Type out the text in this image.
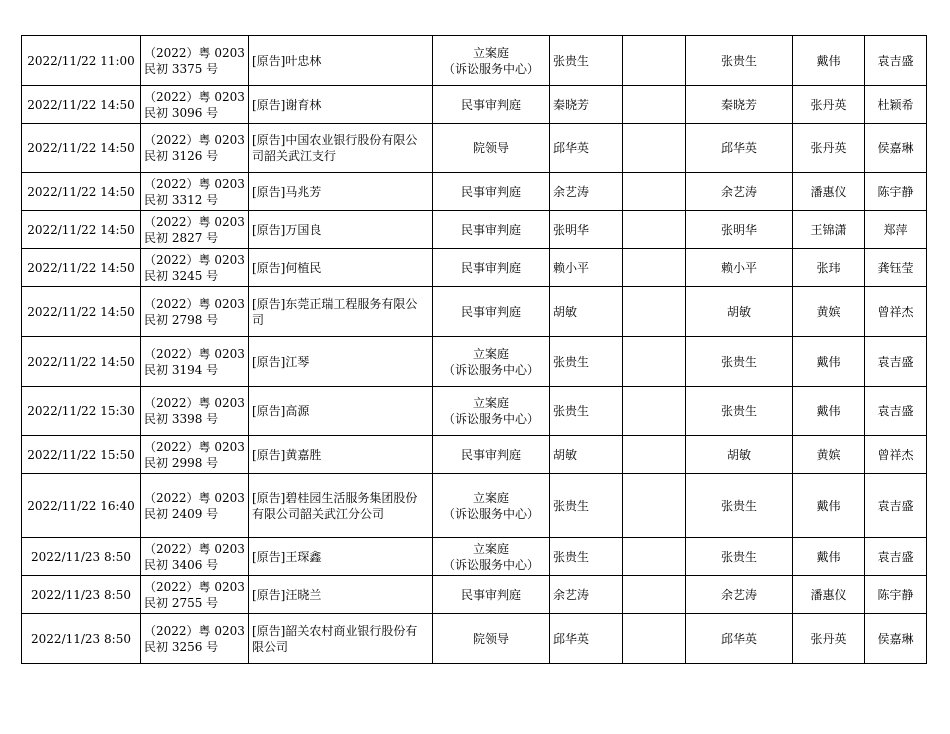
2022/11/22 11:00	（2022）粤 0203
民初 3375 号	[原告]叶忠林	立案庭
（诉讼服务中心）	张贵生		张贵生	戴伟	袁吉盛

2022/11/22 14:50	（2022）粤 0203
民初 3096 号	[原告]谢育林	民事审判庭	秦晓芳		秦晓芳	张丹英	杜颖希

2022/11/22 14:50	（2022）粤 0203
民初 3126 号	[原告]中国农业银行股份有限公司韶关武江支行	院领导	邱华英		邱华英	张丹英	侯嘉琳

2022/11/22 14:50	（2022）粤 0203
民初 3312 号	[原告]马兆芳	民事审判庭	余艺涛		余艺涛	潘惠仪	陈宇静

2022/11/22 14:50	（2022）粤 0203
民初 2827 号	[原告]万国良	民事审判庭	张明华		张明华	王锦潇	郑萍

2022/11/22 14:50	（2022）粤 0203
民初 3245 号	[原告]何植民	民事审判庭	赖小平		赖小平	张玮	龚钰莹

2022/11/22 14:50	（2022）粤 0203
民初 2798 号	[原告]东莞正瑞工程服务有限公司	民事审判庭	胡敏		胡敏	黄嫔	曾祥杰

2022/11/22 14:50	（2022）粤 0203
民初 3194 号	[原告]江琴	立案庭
（诉讼服务中心）	张贵生		张贵生	戴伟	袁吉盛

2022/11/22 15:30	（2022）粤 0203
民初 3398 号	[原告]高源	立案庭
（诉讼服务中心）	张贵生		张贵生	戴伟	袁吉盛

2022/11/22 15:50	（2022）粤 0203
民初 2998 号	[原告]黄嘉胜	民事审判庭	胡敏		胡敏	黄嫔	曾祥杰

2022/11/22 16:40	（2022）粤 0203
民初 2409 号	[原告]碧桂园生活服务集团股份有限公司韶关武江分公司	立案庭
（诉讼服务中心）	张贵生		张贵生	戴伟	袁吉盛

2022/11/23 8:50	（2022）粤 0203
民初 3406 号	[原告]王琛鑫	立案庭
（诉讼服务中心）	张贵生		张贵生	戴伟	袁吉盛

2022/11/23 8:50	（2022）粤 0203
民初 2755 号	[原告]汪晓兰	民事审判庭	余艺涛		余艺涛	潘惠仪	陈宇静

2022/11/23 8:50	（2022）粤 0203
民初 3256 号	[原告]韶关农村商业银行股份有限公司	院领导	邱华英		邱华英	张丹英	侯嘉琳
